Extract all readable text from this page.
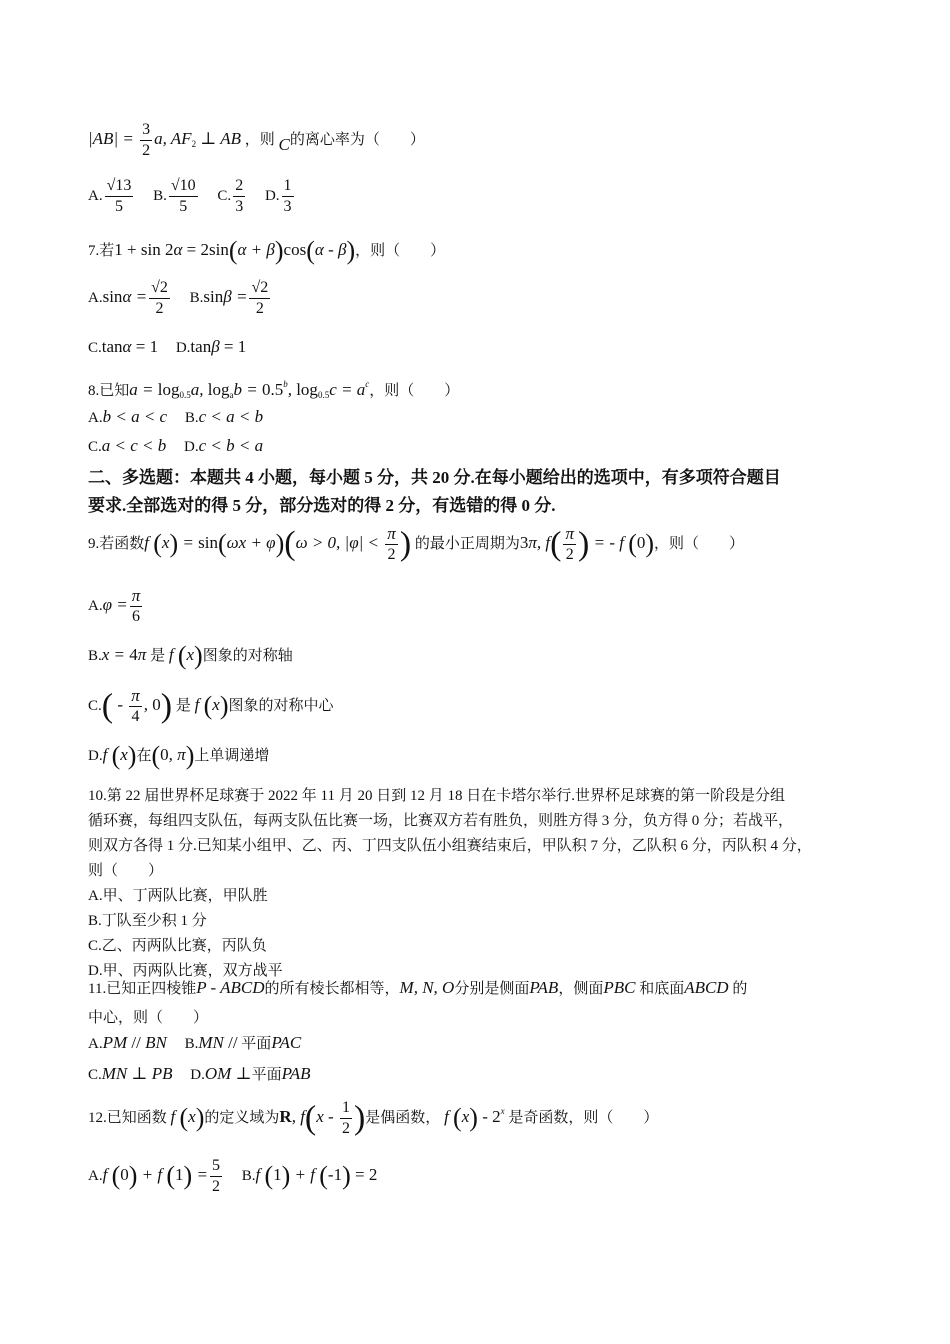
$|AB| = \frac{3}{2} a$, $AF_2$ ⊥ AB ，则 C的离心率为（　　）
A. $\frac{√13}{5} B$. $\frac{√10}{5} C$. $\frac{2}{3} D$. $\frac{1}{3}$
7.若1 + sin 2α = 2sin(α + β)cos(α - β)，则（　　）
$A.\sin\alpha = \frac{√2}{2} B.\sin\beta = \frac{√2}{2}$
C.tanα = 1 D.tanβ = 1
8.已知$a = \log_{0.5}a$, $\log_ab = 0.5^b$, $\log_{0.5}c = a^c$，则（　　）
A.b < a < c B.c < a < b
C.a < c < b D.c < b < a
二、多选题：本题共 4 小题，每小题 5 分，共 20 分.在每小题给出的选项中，有多项符合题目
要求.全部选对的得 5 分，部分选对的得 2 分，有选错的得 0 分.
9.若函数f (x) = sin(ωx + φ)(ω > 0, $|\varphi| < \frac{\pi}{2}$ ) 的最小正周期为3π, $f( \frac{\pi}{2}$ ) = - f (0)，则（　　）
$A.\varphi = \frac{\pi}{6}$
B.x = 4π 是 f (x)图象的对称轴
$C.( - \frac{\pi}{4}$ , 0) 是 f (x)图象的对称中心
D.f (x)在(0, π)上单调递增
10.第 22 届世界杯足球赛于 2022 年 11 月 20 日到 12 月 18 日在卡塔尔举行.世界杯足球赛的第一阶段是分组
循环赛，每组四支队伍，每两支队伍比赛一场，比赛双方若有胜负，则胜方得 3 分，负方得 0 分；若战平，
则双方各得 1 分.已知某小组甲、乙、丙、丁四支队伍小组赛结束后，甲队积 7 分，乙队积 6 分，丙队积 4 分，
则（　　）
A.甲、丁两队比赛，甲队胜
B.丁队至少积 1 分
C.乙、丙两队比赛，丙队负
D.甲、丙两队比赛，双方战平
11.已知正四棱锥P - ABCD的所有棱长都相等，M, N, O分别是侧面PAB，侧面PBC 和底面ABCD 的
中心，则（　　）
A.PM // BN B.MN // 平面PAC
C.MN ⊥ PB D.OM ⊥平面PAB
12.已知函数 f (x)的定义域为R, $f(x - \frac{1}{2}$ )是偶函数， f (x) - 2$^x$ 是奇函数，则（　　）
A.f (0) + f $(1) = \frac{5}{2} B.f$ (1) + f (-1) = 2
